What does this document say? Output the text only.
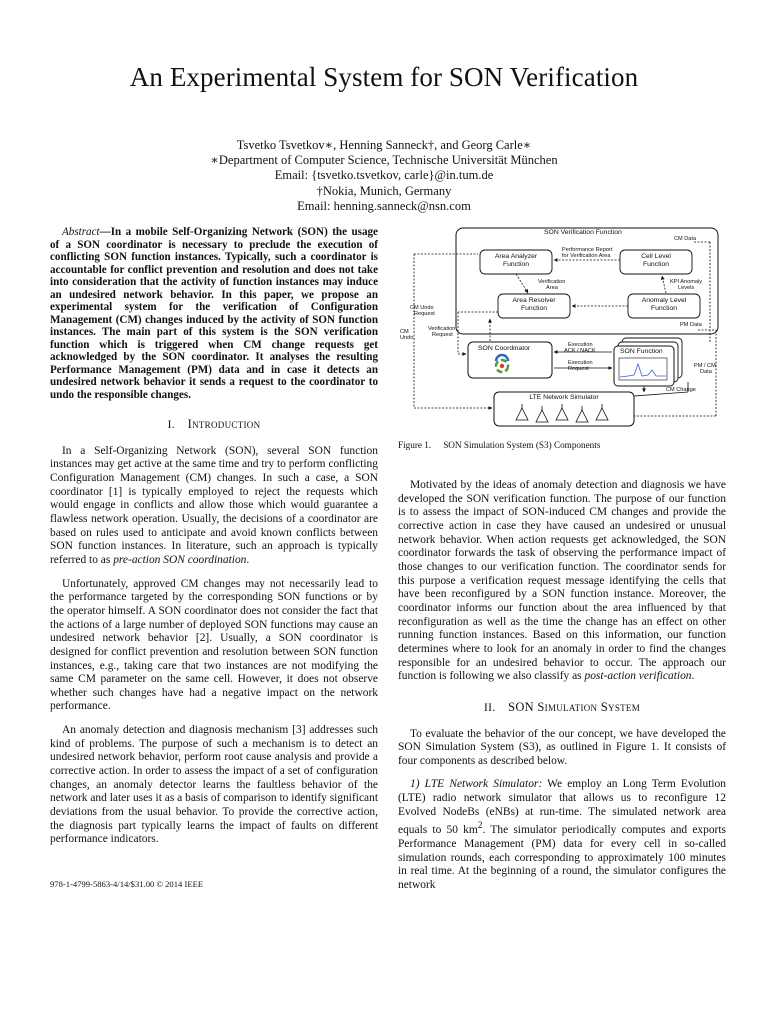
An Experimental System for SON Verification
Tsvetko Tsvetkov∗, Henning Sanneck†, and Georg Carle∗
∗Department of Computer Science, Technische Universität München
Email: {tsvetko.tsvetkov, carle}@in.tum.de
†Nokia, Munich, Germany
Email: henning.sanneck@nsn.com

Abstract—In a mobile Self-Organizing Network (SON) the usage of a SON coordinator is necessary to preclude the execution of conflicting SON function instances. Typically, such a coordinator is accountable for conflict prevention and resolution and does not take into consideration that the activity of function instances may induce an undesired network behavior. In this paper, we propose an experimental system for the verification of Configuration Management (CM) changes induced by the activity of SON function instances. The main part of this system is the SON verification function which is triggered when CM change requests get acknowledged by the SON coordinator. It analyses the resulting Performance Management (PM) data and in case it detects an undesired network behavior it sends a request to the coordinator to undo the responsible changes.

I. Introduction

In a Self-Organizing Network (SON), several SON function instances may get active at the same time and try to perform conflicting Configuration Management (CM) changes. In such a case, a SON coordinator [1] is typically employed to reject the requests which would engage in conflicts and allow those which would guarantee a flawless network operation. Usually, the decisions of a coordinator are based on rules used to anticipate and avoid known conflicts between SON function instances. In literature, such an approach is typically referred to as pre-action SON coordination.

Unfortunately, approved CM changes may not necessarily lead to the performance targeted by the corresponding SON functions or by the operator himself. A SON coordinator does not consider the fact that the actions of a large number of deployed SON functions may cause an undesired network behavior [2]. Usually, a SON coordinator is designed for conflict prevention and resolution between SON function instances, e.g., taking care that two instances are not modifying the same CM parameter on the same cell. However, it does not observe whether such changes have had a negative impact on the network performance.

An anomaly detection and diagnosis mechanism [3] addresses such kind of problems. The purpose of such a mechanism is to detect an undesired network behavior, perform root cause analysis and provide a corrective action. In order to assess the impact of a set of configuration changes, an anomaly detector learns the faultless behavior of the network and later uses it as a basis of comparison to identify significant deviations from the usual behavior. To provide the corrective action, the diagnosis part typically learns the impact of faults on different performance indicators.

978-1-4799-5863-4/14/$31.00 © 2014 IEEE
SON Verification Function
CM Data
Area Analyzer
Function
Performance Report
for Verification Area	Cell Level
Function
Verification
Area
KPI Anomaly
Levels
Area Resolver
Function
Anomaly Level
Function
CM Undo
Request
PM Data
CM
Undo
Verification
Request
Execution
ACK / NACK
SON Coordinator
Execution
Request
SON Function
PM / CM
Data
CM Change
LTE Network Simulator
Figure 1. SON Simulation System (S3) Components

Motivated by the ideas of anomaly detection and diagnosis we have developed the SON verification function. The purpose of our function is to assess the impact of SON-induced CM changes and provide the corrective action in case they have caused an undesired or unusual network behavior. When action requests get acknowledged, the SON coordinator forwards the task of observing the performance impact of those changes to our verification function. The coordinator sends for this purpose a verification request message identifying the cells that have been reconfigured by a SON function instance. Moreover, the coordinator informs our function about the area influenced by that reconfiguration as well as the time the change has an effect on other running function instances. Based on this information, our function determines where to look for an anomaly in order to find the changes responsible for an undesired behavior to occur. The approach our function is following we also classify as post-action verification.

II. SON Simulation System

To evaluate the behavior of the our concept, we have developed the SON Simulation System (S3), as outlined in Figure 1. It consists of four components as described below.

1) LTE Network Simulator: We employ an Long Term Evolution (LTE) radio network simulator that allows us to reconfigure 12 Evolved NodeBs (eNBs) at run-time. The simulated network area equals to 50 $km^2$. The simulator periodically computes and exports Performance Management (PM) data for every cell in so-called simulation rounds, each corresponding to approximately 100 minutes in real time. At the beginning of a round, the simulator configures the network
